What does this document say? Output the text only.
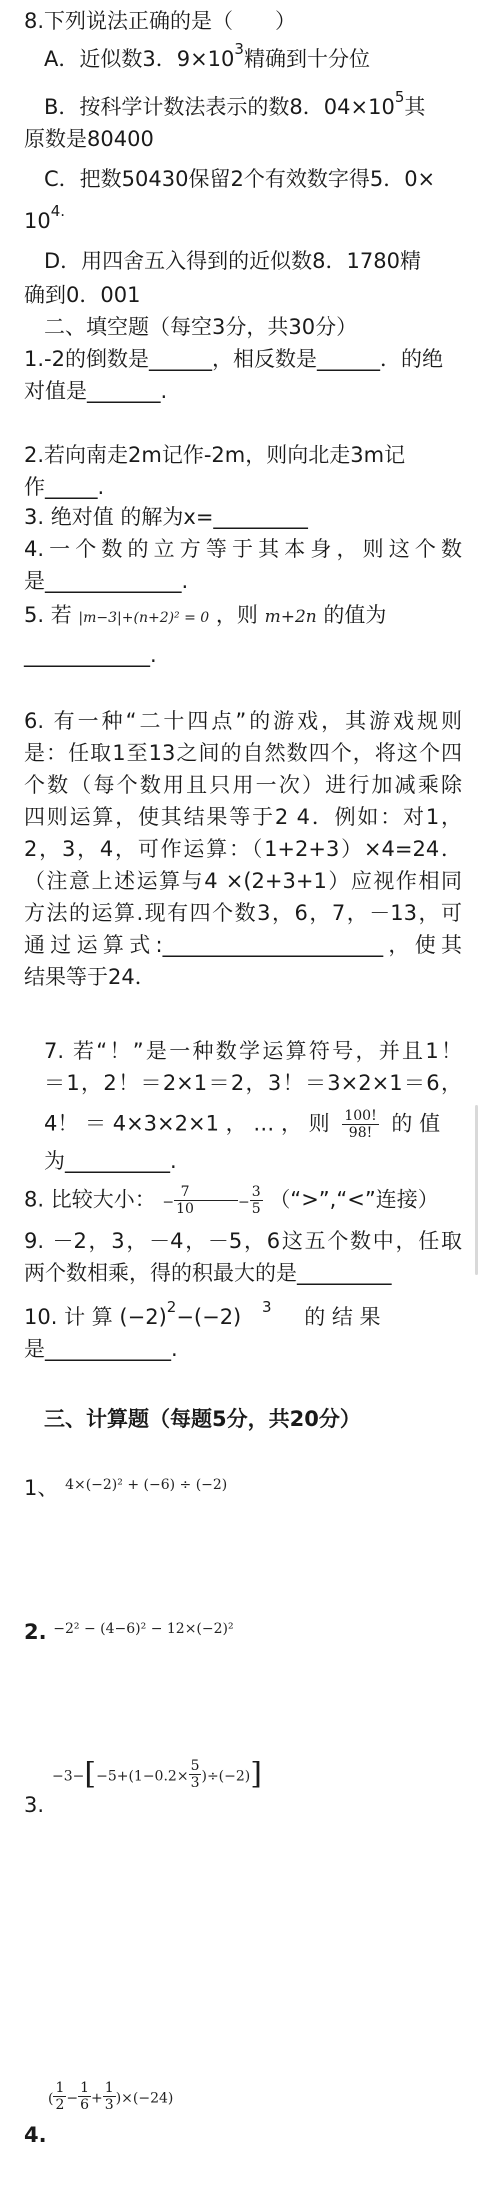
8.下列说法正确的是（　　）
A．近似数3．$9\times 10^3$精确到十分位
B．按科学计数法表示的数8．$04\times 10^5$其
原数是80400
C．把数50430保留2个有效数字得5．0×
$10^{4.}$
D．用四舍五入得到的近似数8．1780精
确到0．001
二、填空题（每空3分，共30分）
1.-2的倒数是______，相反数是______．的绝
对值是_______.
2.若向南走2m记作-2m，则向北走3m记
作_____.
3. 绝对值 的解为x=_________
4.一个数的立方等于其本身，则这个数
是_____________.
5. 若 |m−3|+(n+2)² = 0 ，则 m+2n 的值为
____________.
6. 有一种“二十四点”的游戏，其游戏规则
是：任取1至13之间的自然数四个，将这个四
个数（每个数用且只用一次）进行加减乘除
四则运算，使其结果等于2 4．例如：对1，
2，3，4，可作运算：（1+2+3）×4=24．
（注意上述运算与4 ×(2+3+1）应视作相同
方法的运算.现有四个数3，6，7，－13，可
通过运算式:_____________________，使其
结果等于24．
7. 若“！”是一种数学运算符号，并且1！
＝1，2！＝2×1＝2，3！＝3×2×1＝6，
4！ ＝ 4×3×2×1 ， … ， 则 $\frac{100!}{98!}$ 的 值
为__________.
8. 比较大小： − $\frac{7}{10}$	− $\frac{3}{5}$ （“>”,“<”连接）
9. －2，3，－4，－5，6这五个数中，任取
两个数相乘，得的积最大的是_________
10. 计 算 $(-2)^2-(-2)$ $^3$ 的 结 果
是____________.
三、计算题（每题5分，共20分）
1、 $^{4\times(-2)^2 + (-6) \div (-2)}$
2. $^{-2^2 - (4-6)^2 - 12\times(-2)^2}$
3.
$-3-[-5+(1-0.2\times \frac{5}{3} )\div(-2)]$
( $\frac{1}{2} - \frac{1}{6} + \frac{1}{3} )\times(-24)$
4.
